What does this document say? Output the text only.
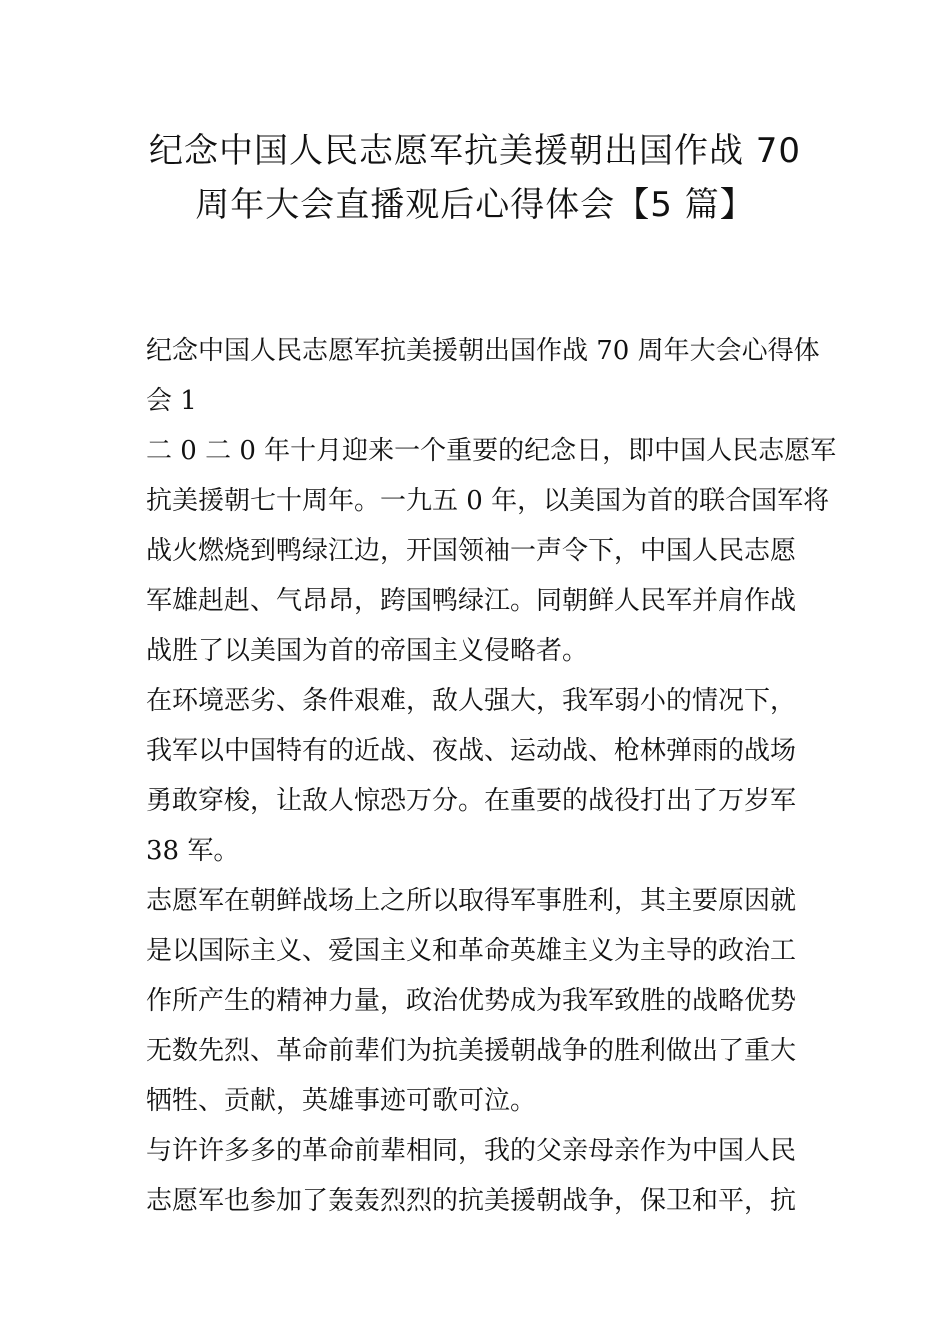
纪念中国人民志愿军抗美援朝出国作战 70
周年大会直播观后心得体会【5 篇】
纪念中国人民志愿军抗美援朝出国作战 70 周年大会心得体
会 1
二 0 二 0 年十月迎来一个重要的纪念日，即中国人民志愿军
抗美援朝七十周年。一九五 0 年，以美国为首的联合国军将
战火燃烧到鸭绿江边，开国领袖一声令下，中国人民志愿
军雄赳赳、气昂昂，跨国鸭绿江。同朝鲜人民军并肩作战
战胜了以美国为首的帝国主义侵略者。
在环境恶劣、条件艰难，敌人强大，我军弱小的情况下，
我军以中国特有的近战、夜战、运动战、枪林弹雨的战场
勇敢穿梭，让敌人惊恐万分。在重要的战役打出了万岁军
38 军。
志愿军在朝鲜战场上之所以取得军事胜利，其主要原因就
是以国际主义、爱国主义和革命英雄主义为主导的政治工
作所产生的精神力量，政治优势成为我军致胜的战略优势
无数先烈、革命前辈们为抗美援朝战争的胜利做出了重大
牺牲、贡献，英雄事迹可歌可泣。
与许许多多的革命前辈相同，我的父亲母亲作为中国人民
志愿军也参加了轰轰烈烈的抗美援朝战争，保卫和平，抗
